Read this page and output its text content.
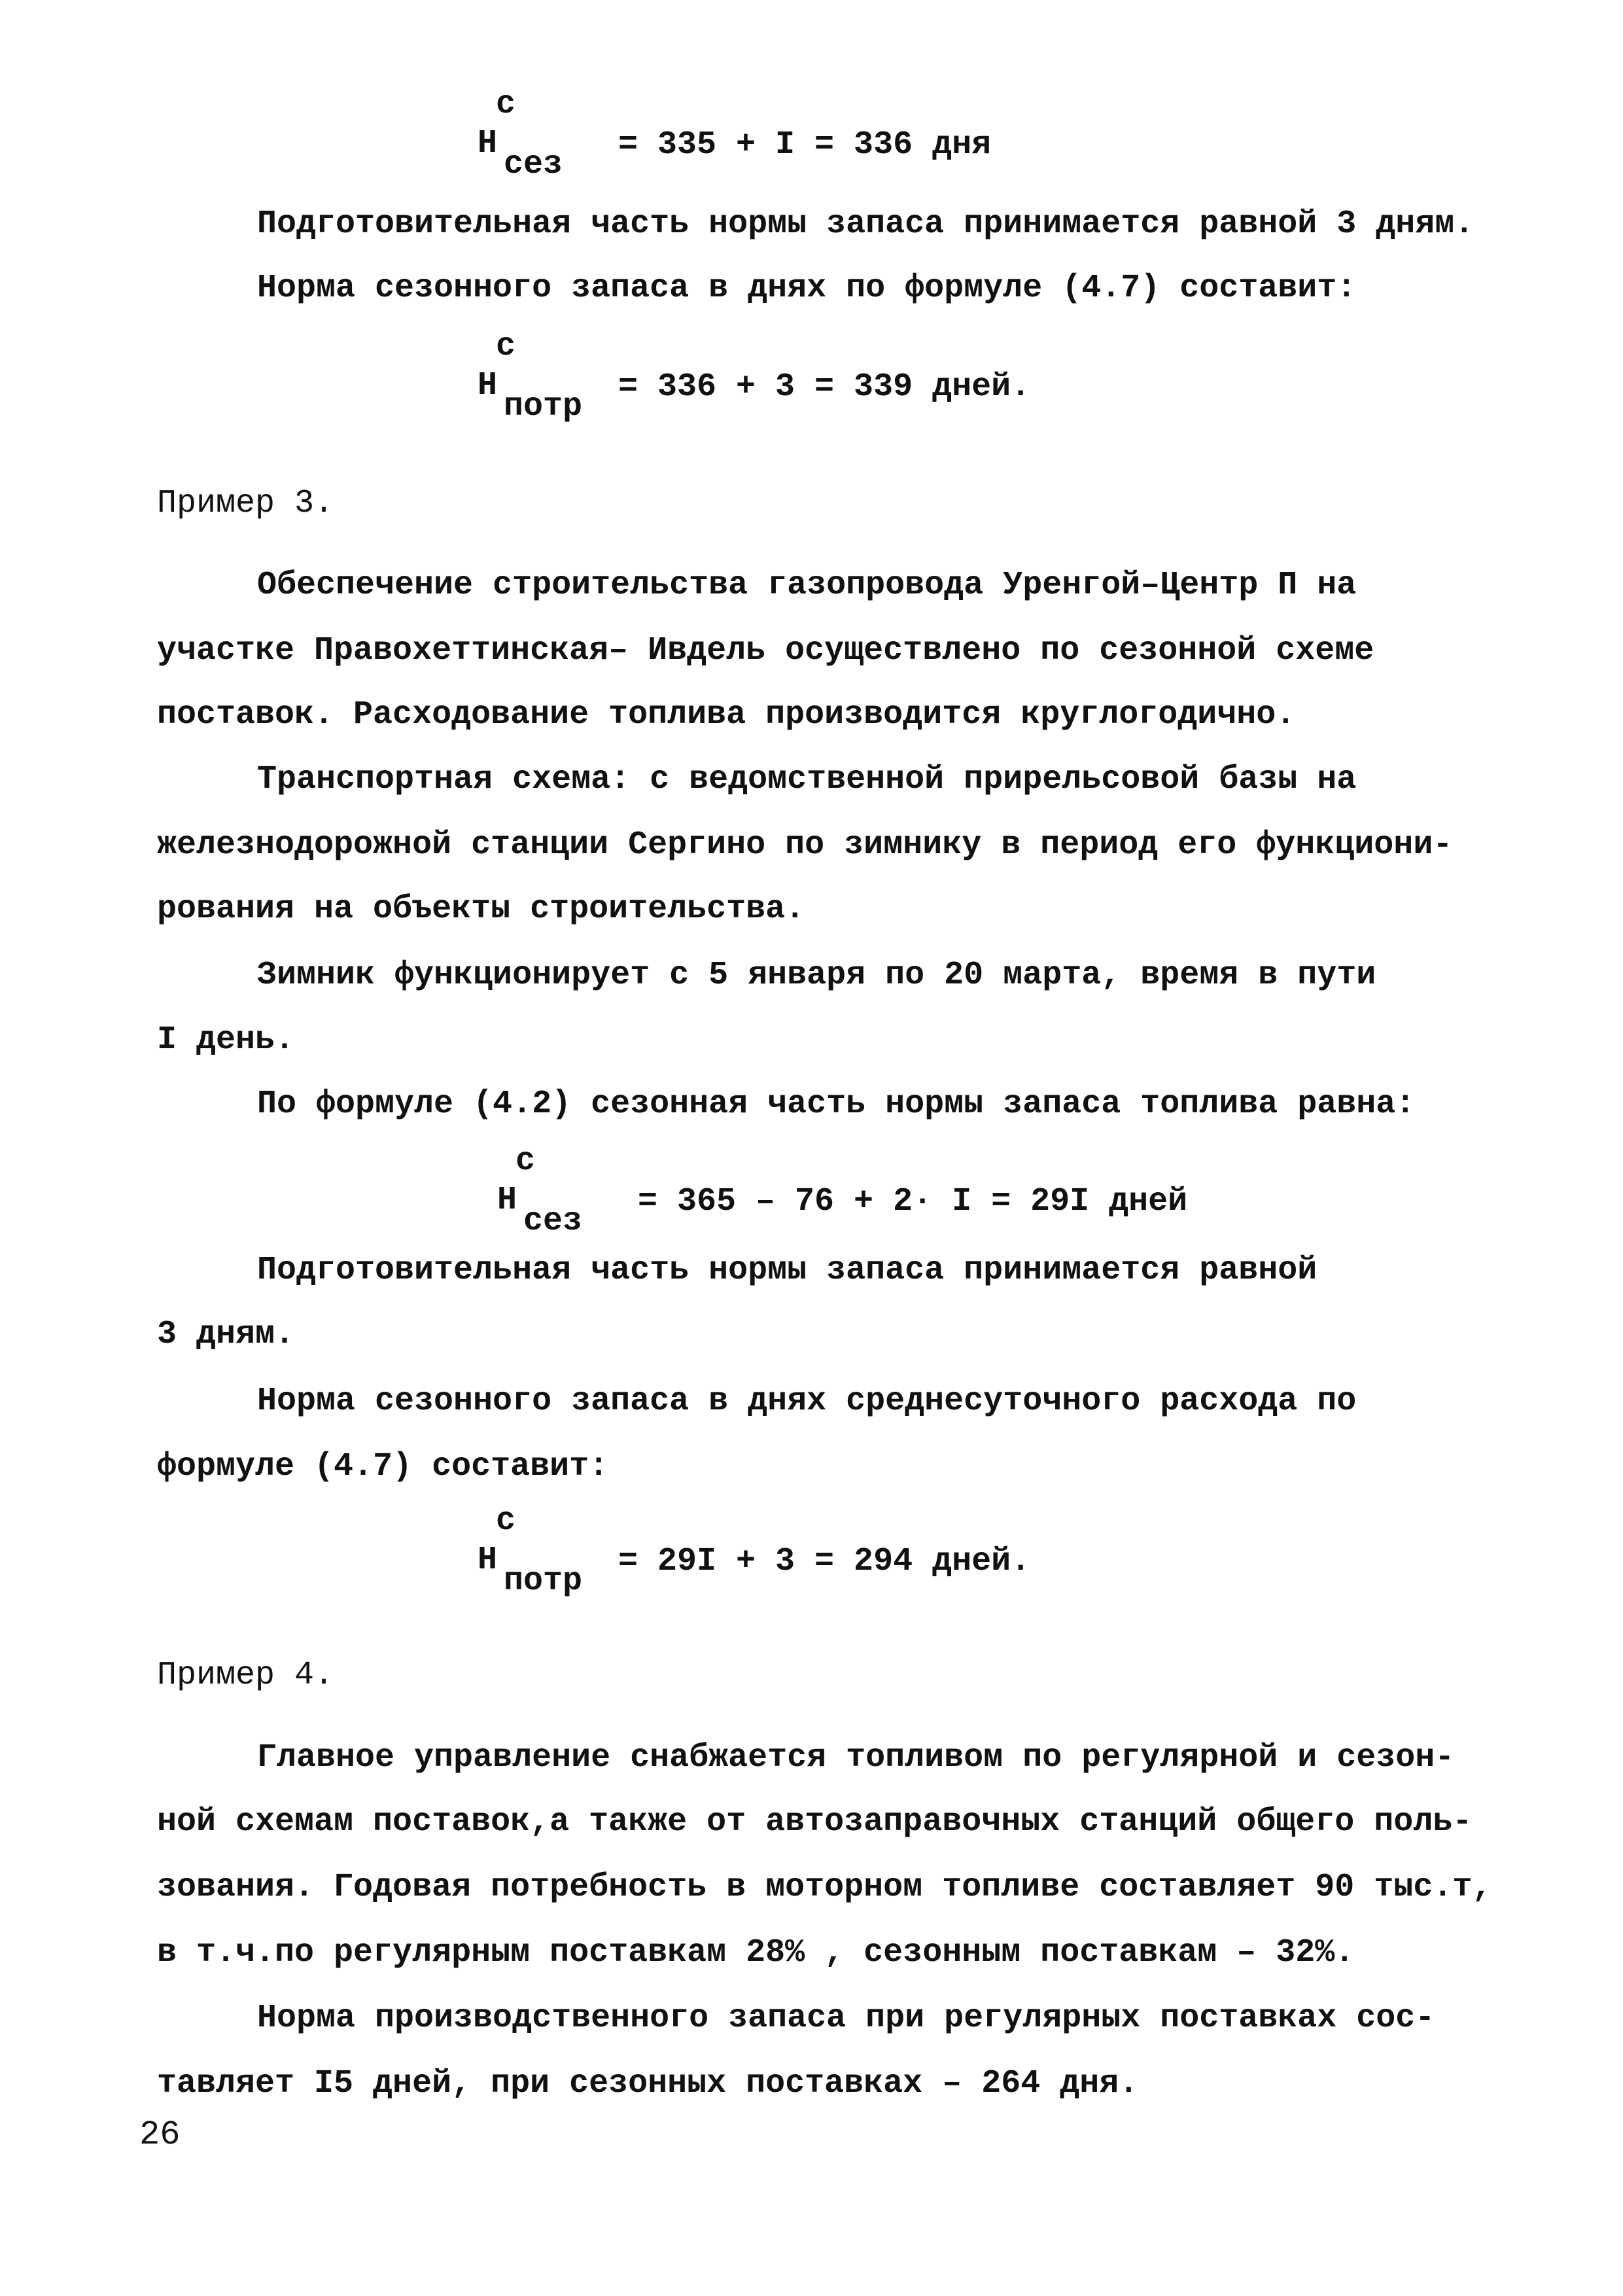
Н
с
сез
= 335 + I = 336 дня
Подготовительная часть нормы запаса принимается равной 3 дням.
Норма сезонного запаса в днях по формуле (4.7) составит:
Н
с
потр
= 336 + 3 = 339 дней.
Пример 3.
Обеспечение строительства газопровода Уренгой–Центр П на
участке Правохеттинская– Ивдель осуществлено по сезонной схеме
поставок. Расходование топлива производится круглогодично.
Транспортная схема: с ведомственной прирельсовой базы на
железнодорожной станции Сергино по зимнику в период его функциони-
рования на объекты строительства.
Зимник функционирует с 5 января по 20 марта, время в пути
I день.
По формуле (4.2) сезонная часть нормы запаса топлива равна:
Н
с
сез
= 365 – 76 + 2· I = 29I дней
Подготовительная часть нормы запаса принимается равной
3 дням.
Норма сезонного запаса в днях среднесуточного расхода по
формуле (4.7) составит:
Н
с
потр
= 29I + 3 = 294 дней.
Пример 4.
Главное управление снабжается топливом по регулярной и сезон-
ной схемам поставок,а также от автозаправочных станций общего поль-
зования. Годовая потребность в моторном топливе составляет 90 тыс.т,
в т.ч.по регулярным поставкам 28% , сезонным поставкам – 32%.
Норма производственного запаса при регулярных поставках сос-
тавляет I5 дней, при сезонных поставках – 264 дня.
26
